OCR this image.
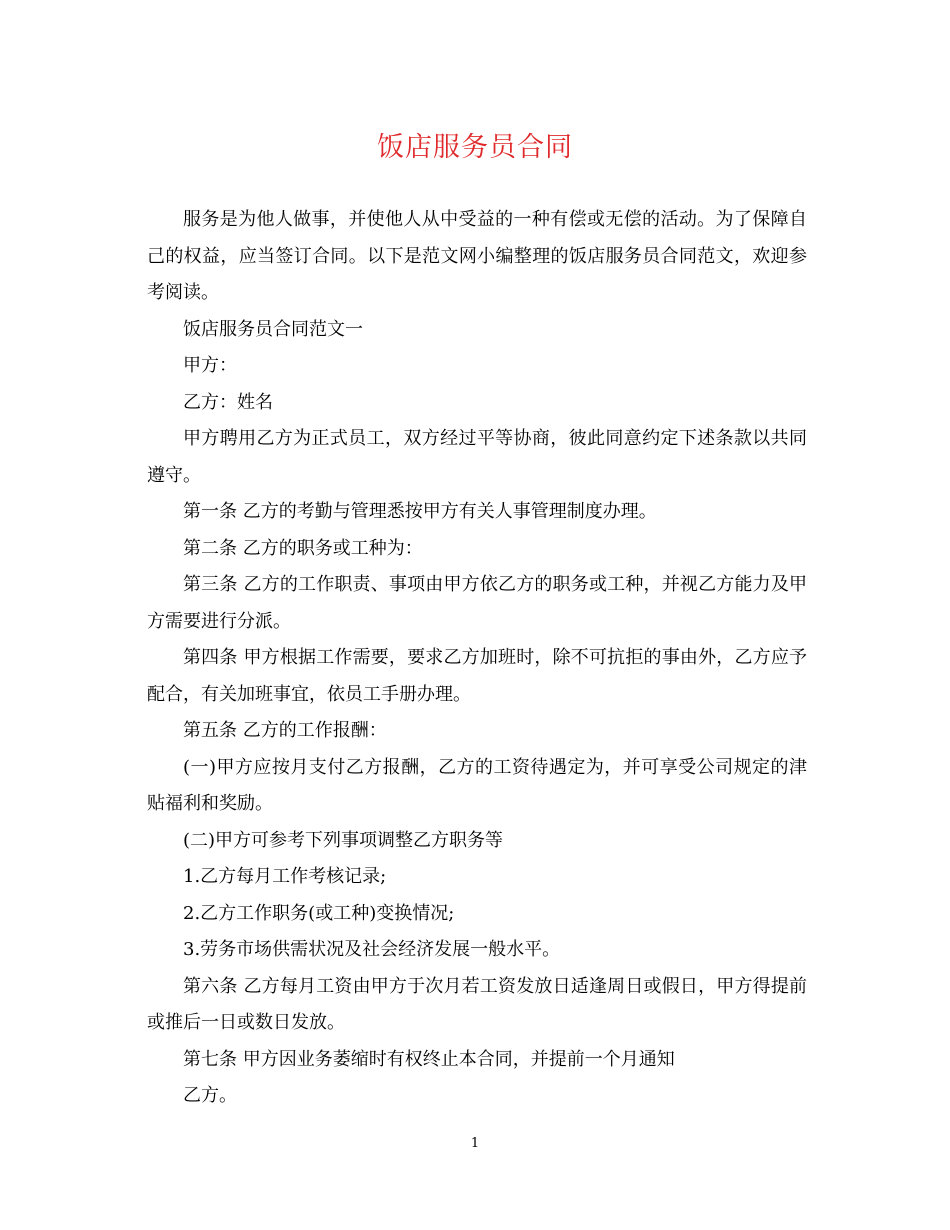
饭店服务员合同

服务是为他人做事，并使他人从中受益的一种有偿或无偿的活动。为了保障自己的权益，应当签订合同。以下是范文网小编整理的饭店服务员合同范文，欢迎参考阅读。

饭店服务员合同范文一

甲方：

乙方：姓名

甲方聘用乙方为正式员工，双方经过平等协商，彼此同意约定下述条款以共同遵守。

第一条 乙方的考勤与管理悉按甲方有关人事管理制度办理。

第二条 乙方的职务或工种为：

第三条 乙方的工作职责、事项由甲方依乙方的职务或工种，并视乙方能力及甲方需要进行分派。

第四条 甲方根据工作需要，要求乙方加班时，除不可抗拒的事由外，乙方应予配合，有关加班事宜，依员工手册办理。

第五条 乙方的工作报酬：

(一)甲方应按月支付乙方报酬，乙方的工资待遇定为，并可享受公司规定的津贴福利和奖励。

(二)甲方可参考下列事项调整乙方职务等

1.乙方每月工作考核记录;

2.乙方工作职务(或工种)变换情况;

3.劳务市场供需状况及社会经济发展一般水平。

第六条 乙方每月工资由甲方于次月若工资发放日适逢周日或假日，甲方得提前或推后一日或数日发放。

第七条 甲方因业务萎缩时有权终止本合同，并提前一个月通知

乙方。

1
